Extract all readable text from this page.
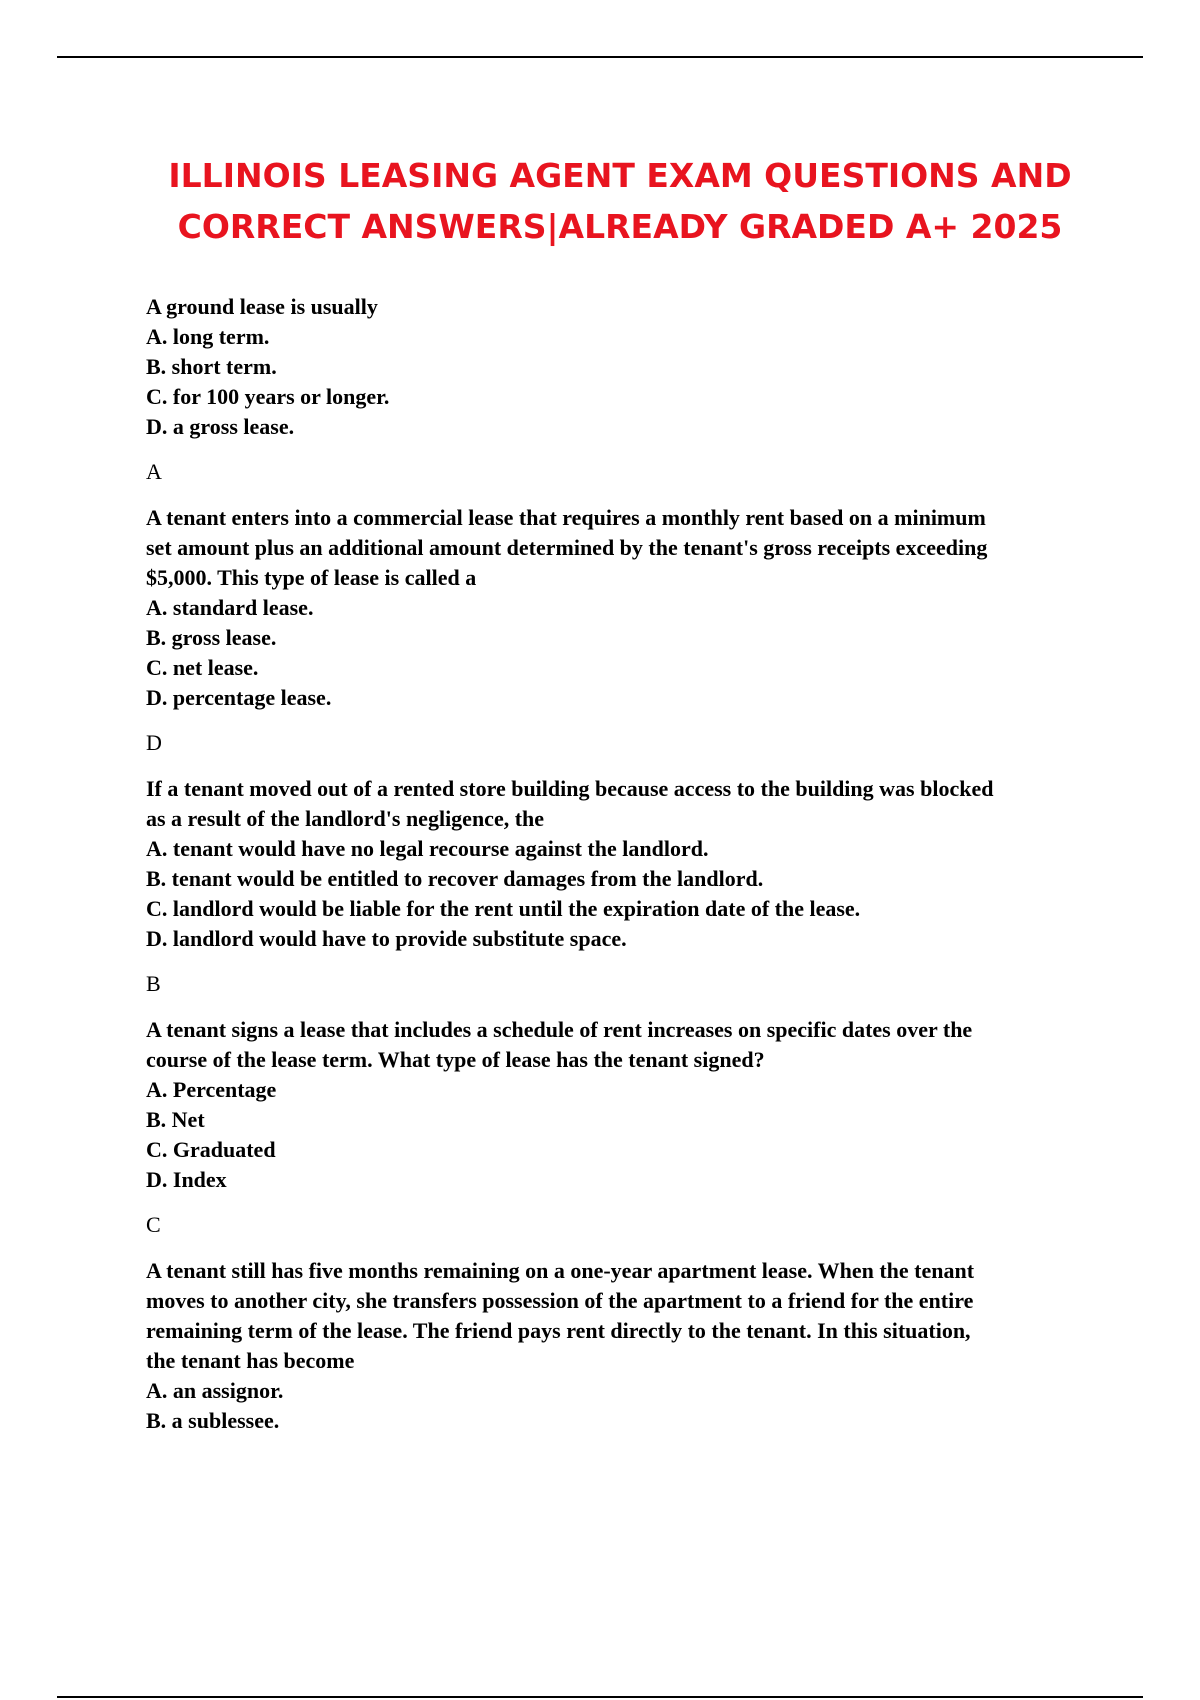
ILLINOIS LEASING AGENT EXAM QUESTIONS AND
CORRECT ANSWERS|ALREADY GRADED A+ 2025
A ground lease is usually
A. long term.
B. short term.
C. for 100 years or longer.
D. a gross lease.
A
A tenant enters into a commercial lease that requires a monthly rent based on a minimum
set amount plus an additional amount determined by the tenant's gross receipts exceeding
$5,000. This type of lease is called a
A. standard lease.
B. gross lease.
C. net lease.
D. percentage lease.
D
If a tenant moved out of a rented store building because access to the building was blocked
as a result of the landlord's negligence, the
A. tenant would have no legal recourse against the landlord.
B. tenant would be entitled to recover damages from the landlord.
C. landlord would be liable for the rent until the expiration date of the lease.
D. landlord would have to provide substitute space.
B
A tenant signs a lease that includes a schedule of rent increases on specific dates over the
course of the lease term. What type of lease has the tenant signed?
A. Percentage
B. Net
C. Graduated
D. Index
C
A tenant still has five months remaining on a one-year apartment lease. When the tenant
moves to another city, she transfers possession of the apartment to a friend for the entire
remaining term of the lease. The friend pays rent directly to the tenant. In this situation,
the tenant has become
A. an assignor.
B. a sublessee.
